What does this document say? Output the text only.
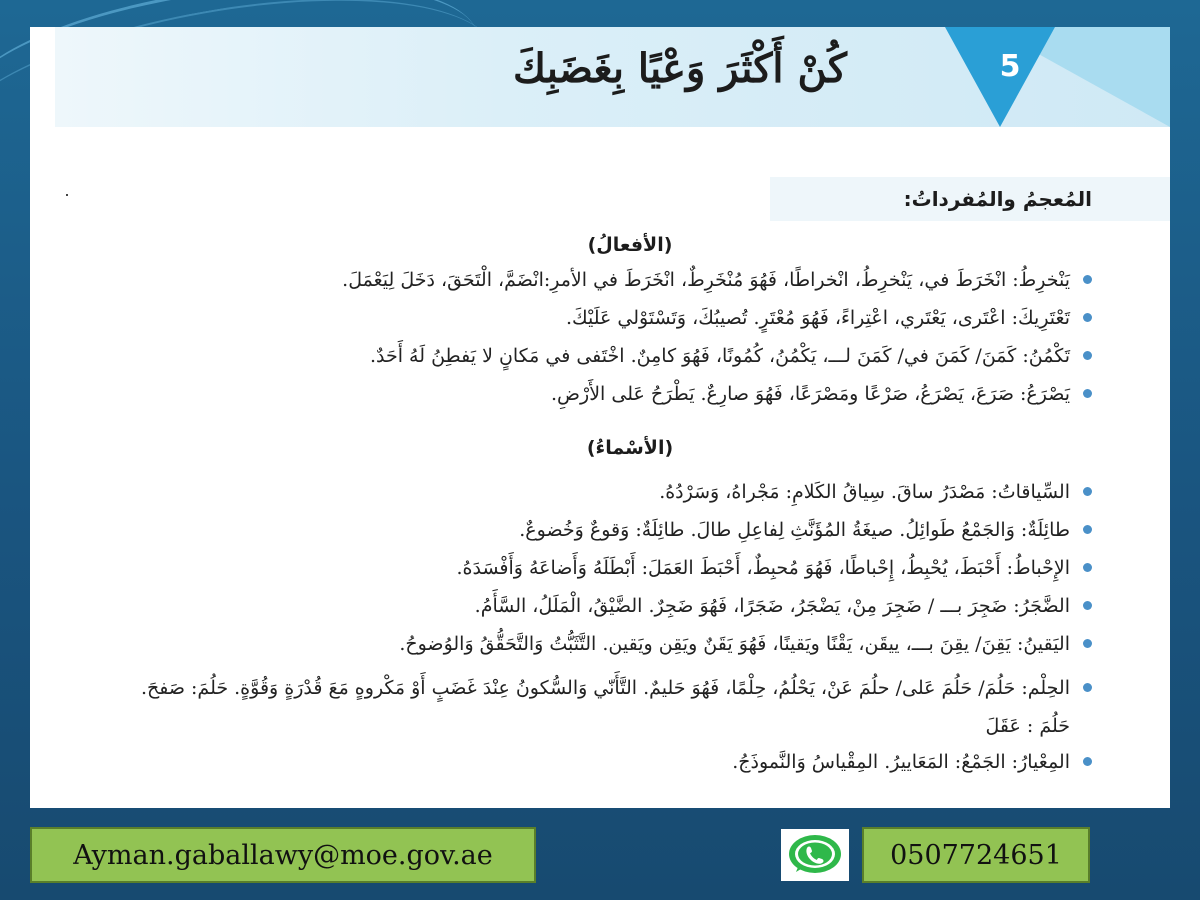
5
كُنْ أَكْثَرَ وَعْيًا بِغَضَبِكَ
المُعجمُ والمُفرداتُ:
(الأفعالُ)
يَنْخرِطُ: انْخَرَطَ في، يَنْخرِطُ، انْخراطًا، فَهُوَ مُنْخَرِطٌ، انْخَرَطَ في الأمرِ:انْضَمَّ، الْتَحَقَ، دَخَلَ لِيَعْمَلَ.
تَعْتَرِيكَ: اعْتَرى، يَعْتَري، اعْتِراءً، فَهُوَ مُعْتَرٍ. تُصيبُكَ، وَتَسْتَوْلي عَلَيْكَ.
تَكْمُنُ: كَمَنَ/ كَمَنَ في/ كَمَنَ لـــ، يَكْمُنُ، كُمُونًا، فَهُوَ كامِنٌ. اخْتَفى في مَكانٍ لا يَفطِنُ لَهُ أَحَدٌ.
يَصْرَعُ: صَرَعَ، يَصْرَعُ، صَرْعًا ومَصْرَعًا، فَهُوَ صارِعٌ. يَطْرَحُ عَلى الأَرْضِ.
(الأسْماءُ)
السِّياقاتُ: مَصْدَرُ ساقَ. سِياقُ الكَلامِ: مَجْراهُ، وَسَرْدُهُ.
طائِلَةٌ: وَالجَمْعُ طَوائِلُ. صيغَةُ المُؤَنَّثِ لِفاعِلِ طالَ. طائِلَةٌ: وَقوعٌ وَخُضوعٌ.
الإِحْباطُ: أَحْبَطَ، يُحْبِطُ، إِحْباطًا، فَهُوَ مُحبِطٌ، أَحْبَطَ العَمَلَ: أَبْطَلَهُ وَأَضاعَهُ وَأَفْسَدَهُ.
الضَّجَرُ: ضَجِرَ بـــ / ضَجِرَ مِنْ، يَضْجَرُ، ضَجَرًا، فَهُوَ ضَجِرٌ. الضَّيْقُ، الْمَلَلُ، السَّأَمُ.
اليَقينُ: يَقِنَ/ يقِنَ بـــ، ييقَن، يَقْنًا ويَقينًا، فَهُوَ يَقَنٌ ويَقِن ويَقين. التَّثَبُّتُ وَالتَّحَقُّقُ وَالوُضوحُ.
الحِلْم: حَلُمَ/ حَلُمَ عَلى/ حلُمَ عَنْ، يَحْلُمُ، حِلْمًا، فَهُوَ حَليمٌ. التَّأَنّي وَالسُّكونُ عِنْدَ غَضَبٍ أَوْ مَكْروهٍ مَعَ قُدْرَةٍ وَقُوَّةٍ. حَلُمَ: صَفحَ. حَلُمَ : عَقَلَ
المِعْيارُ: الجَمْعُ: المَعَاييرُ. المِقْياسُ وَالنَّموذَجُ.
Ayman.gaballawy@moe.gov.ae	0507724651
